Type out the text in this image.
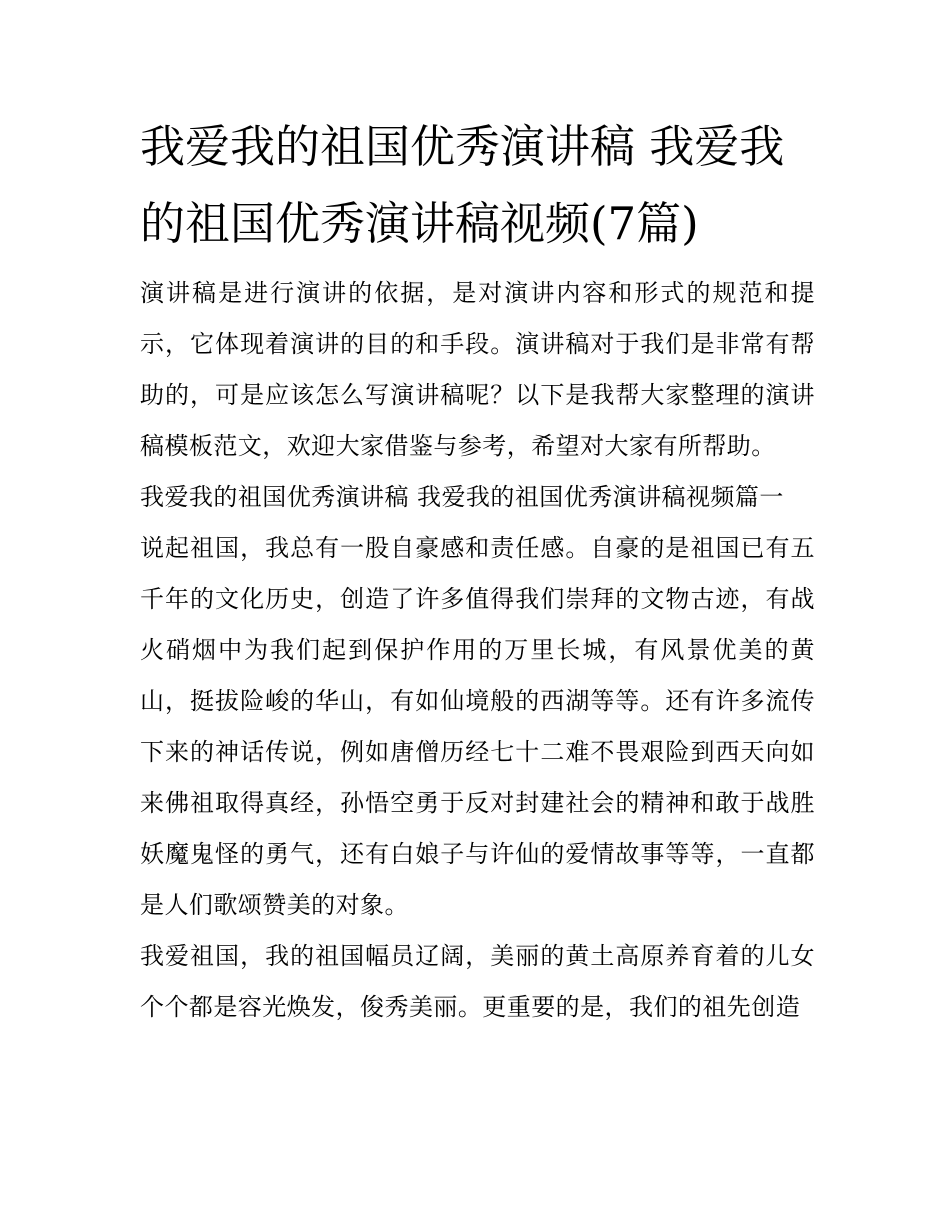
我爱我的祖国优秀演讲稿 我爱我的祖国优秀演讲稿视频(7篇)

演讲稿是进行演讲的依据，是对演讲内容和形式的规范和提示，它体现着演讲的目的和手段。演讲稿对于我们是非常有帮助的，可是应该怎么写演讲稿呢？以下是我帮大家整理的演讲稿模板范文，欢迎大家借鉴与参考，希望对大家有所帮助。

我爱我的祖国优秀演讲稿 我爱我的祖国优秀演讲稿视频篇一

说起祖国，我总有一股自豪感和责任感。自豪的是祖国已有五千年的文化历史，创造了许多值得我们崇拜的文物古迹，有战火硝烟中为我们起到保护作用的万里长城，有风景优美的黄山，挺拔险峻的华山，有如仙境般的西湖等等。还有许多流传下来的神话传说，例如唐僧历经七十二难不畏艰险到西天向如来佛祖取得真经，孙悟空勇于反对封建社会的精神和敢于战胜妖魔鬼怪的勇气，还有白娘子与许仙的爱情故事等等，一直都是人们歌颂赞美的对象。

我爱祖国，我的祖国幅员辽阔，美丽的黄土高原养育着的儿女个个都是容光焕发，俊秀美丽。更重要的是，我们的祖先创造
